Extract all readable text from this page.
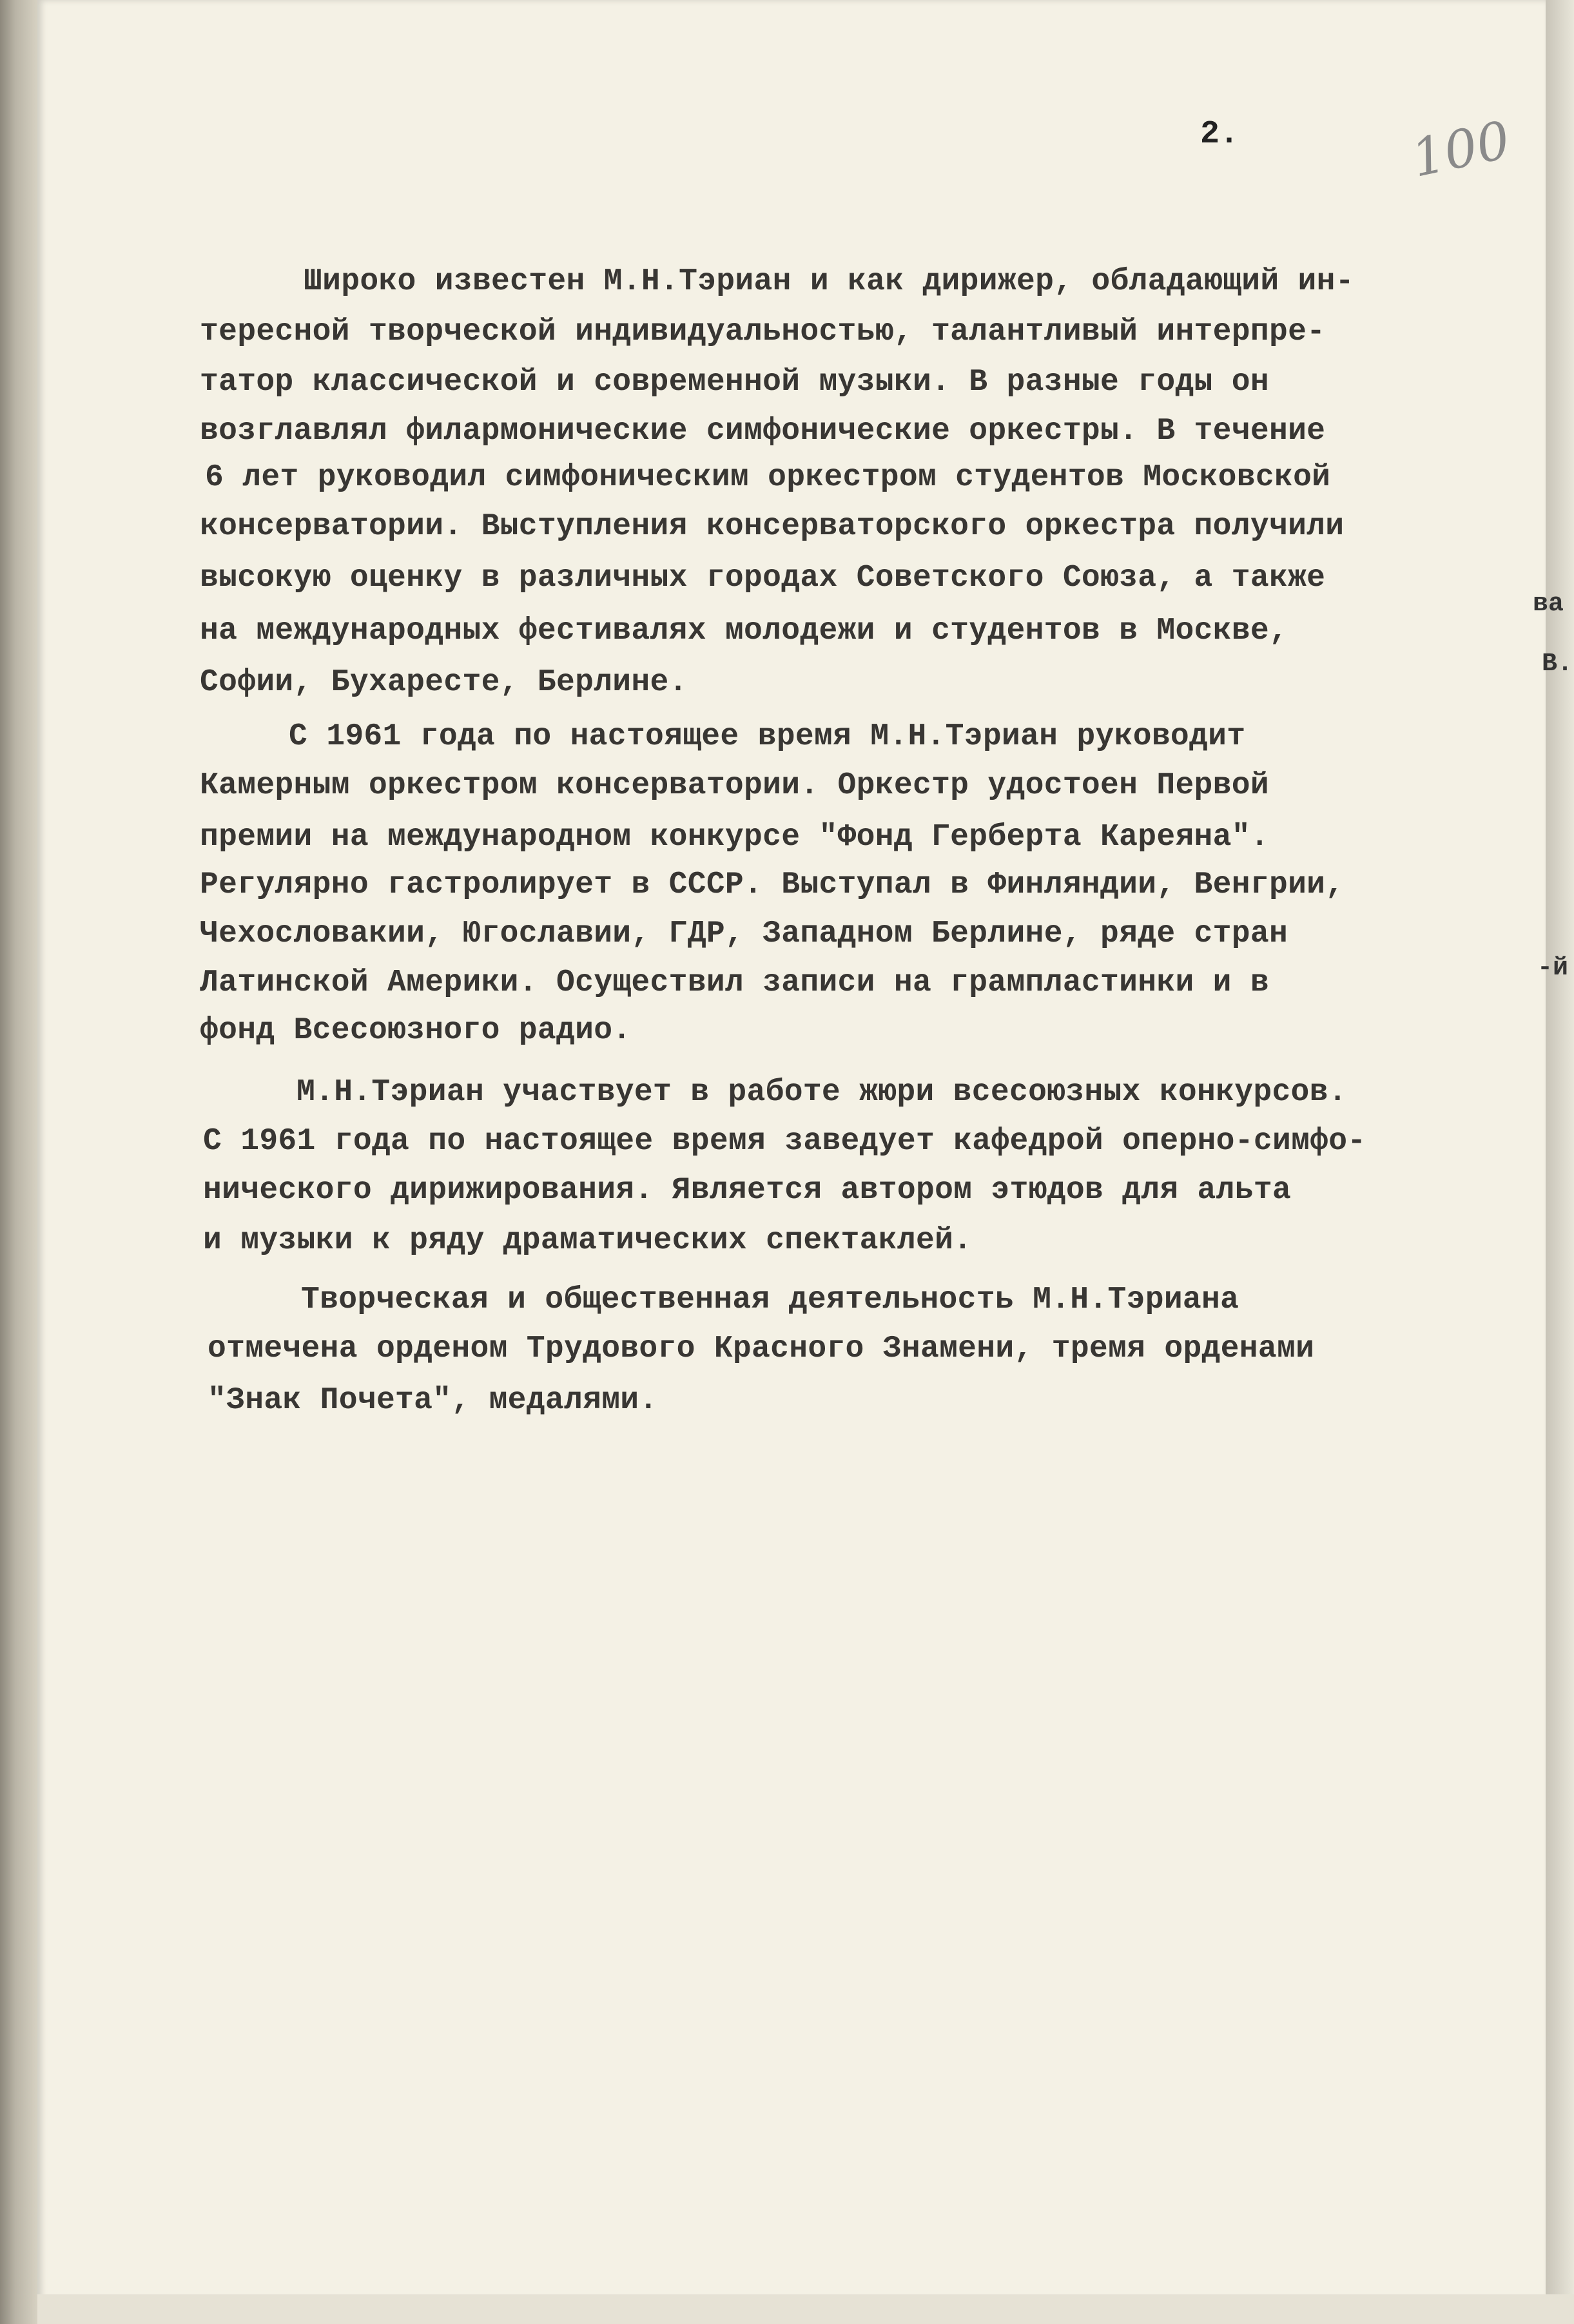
2.	100
ва
В.
-й
Широко известен М.Н.Тэриан и как дирижер, обладающий ин-
тересной творческой индивидуальностью, талантливый интерпре-
татор классической и современной музыки. В разные годы он
возглавлял филармонические симфонические оркестры. В течение
6 лет руководил симфоническим оркестром студентов Московской
консерватории. Выступления консерваторского оркестра получили
высокую оценку в различных городах Советского Союза, а также
на международных фестивалях молодежи и студентов в Москве,
Софии, Бухаресте, Берлине.
С 1961 года по настоящее время М.Н.Тэриан руководит
Камерным оркестром консерватории. Оркестр удостоен Первой
премии на международном конкурсе "Фонд Герберта Кареяна".
Регулярно гастролирует в СССР. Выступал в Финляндии, Венгрии,
Чехословакии, Югославии, ГДР, Западном Берлине, ряде стран
Латинской Америки. Осуществил записи на грампластинки и в
фонд Всесоюзного радио.
М.Н.Тэриан участвует в работе жюри всесоюзных конкурсов.
С 1961 года по настоящее время заведует кафедрой оперно-симфо-
нического дирижирования. Является автором этюдов для альта
и музыки к ряду драматических спектаклей.
Творческая и общественная деятельность М.Н.Тэриана
отмечена орденом Трудового Красного Знамени, тремя орденами
"Знак Почета", медалями.
